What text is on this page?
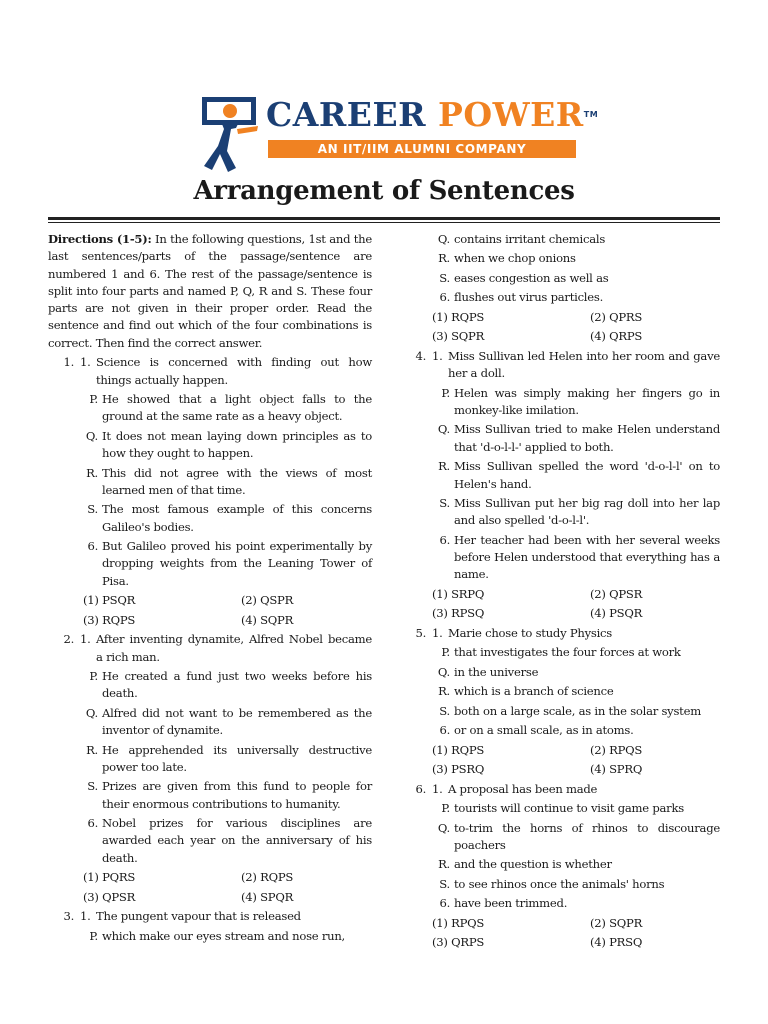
CAREER POWER™
AN IIT/IIM ALUMNI COMPANY
Arrangement of Sentences

Directions (1-5): In the following questions, 1st and the last sentences/parts of the passage/sentence are numbered 1 and 6. The rest of the passage/sentence is split into four parts and named P, Q, R and S. These four parts are not given in their proper order. Read the sentence and find out which of the four combinations is correct. Then find the correct answer.

1. 1. Science is concerned with finding out how things actually happen.
P. He showed that a light object falls to the ground at the same rate as a heavy object.
Q. It does not mean laying down principles as to how they ought to happen.
R. This did not agree with the views of most learned men of that time.
S. The most famous example of this concerns Galileo's bodies.
6. But Galileo proved his point experimentally by dropping weights from the Leaning Tower of Pisa.
(1) PSQR	(2) QSPR
(3) RQPS	(4) SQPR
2. 1. After inventing dynamite, Alfred Nobel became a rich man.
P. He created a fund just two weeks before his death.
Q. Alfred did not want to be remembered as the inventor of dynamite.
R. He apprehended its universally destructive power too late.
S. Prizes are given from this fund to people for their enormous contributions to humanity.
6. Nobel prizes for various disciplines are awarded each year on the anniversary of his death.
(1) PQRS	(2) RQPS
(3) QPSR	(4) SPQR
3. 1. The pungent vapour that is released
P. which make our eyes stream and nose run,
Q. contains irritant chemicals
R. when we chop onions
S. eases congestion as well as
6. flushes out virus particles.
(1) RQPS	(2) QPRS
(3) SQPR	(4) QRPS
4. 1. Miss Sullivan led Helen into her room and gave her a doll.
P. Helen was simply making her fingers go in monkey-like imilation.
Q. Miss Sullivan tried to make Helen understand that 'd-o-l-l-' applied to both.
R. Miss Sullivan spelled the word 'd-o-l-l' on to Helen's hand.
S. Miss Sullivan put her big rag doll into her lap and also spelled 'd-o-l-l'.
6. Her teacher had been with her several weeks before Helen understood that everything has a name.
(1) SRPQ	(2) QPSR
(3) RPSQ	(4) PSQR
5. 1. Marie chose to study Physics
P. that investigates the four forces at work
Q. in the universe
R. which is a branch of science
S. both on a large scale, as in the solar system
6. or on a small scale, as in atoms.
(1) RQPS	(2) RPQS
(3) PSRQ	(4) SPRQ
6. 1. A proposal has been made
P. tourists will continue to visit game parks
Q. to-trim the horns of rhinos to discourage poachers
R. and the question is whether
S. to see rhinos once the animals' horns
6. have been trimmed.
(1) RPQS	(2) SQPR
(3) QRPS	(4) PRSQ
